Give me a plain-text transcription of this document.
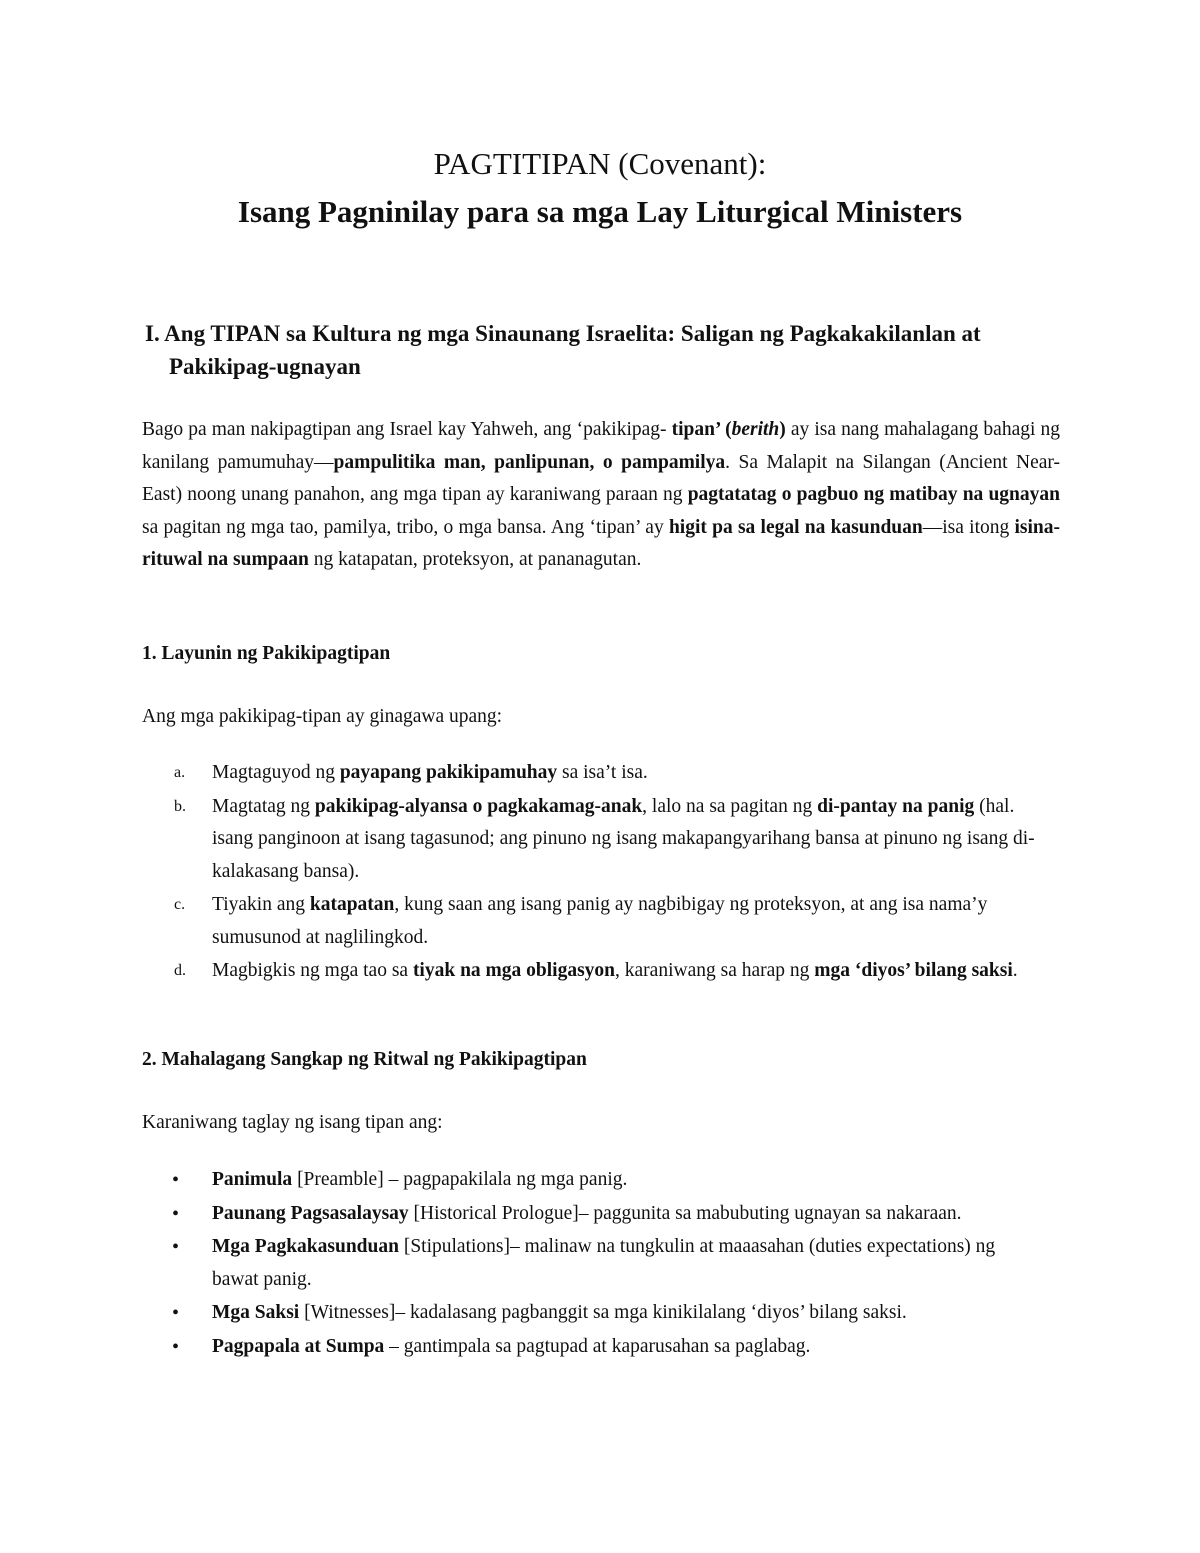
PAGTITIPAN (Covenant):
Isang Pagninilay para sa mga Lay Liturgical Ministers
I. Ang TIPAN sa Kultura ng mga Sinaunang Israelita: Saligan ng Pagkakakilanlan at Pakikipag-ugnayan
Bago pa man nakipagtipan ang Israel kay Yahweh, ang ‘pakikipag- tipan’ (berith) ay isa nang mahalagang bahagi ng kanilang pamumuhay—pampulitika man, panlipunan, o pampamilya. Sa Malapit na Silangan (Ancient Near-East) noong unang panahon, ang mga tipan ay karaniwang paraan ng pagtatatag o pagbuo ng matibay na ugnayan sa pagitan ng mga tao, pamilya, tribo, o mga bansa. Ang ‘tipan’ ay higit pa sa legal na kasunduan—isa itong isina-rituwal na sumpaan ng katapatan, proteksyon, at pananagutan.
1. Layunin ng Pakikipagtipan
Ang mga pakikipag-tipan ay ginagawa upang:
a. Magtaguyod ng payapang pakikipamuhay sa isa’t isa.
b. Magtatag ng pakikipag-alyansa o pagkakamag-anak, lalo na sa pagitan ng di-pantay na panig (hal. isang panginoon at isang tagasunod; ang pinuno ng isang makapangyarihang bansa at pinuno ng isang di-kalakasang bansa).
c. Tiyakin ang katapatan, kung saan ang isang panig ay nagbibigay ng proteksyon, at ang isa nama’y sumusunod at naglilingkod.
d. Magbigkis ng mga tao sa tiyak na mga obligasyon, karaniwang sa harap ng mga ‘diyos’ bilang saksi.
2. Mahalagang Sangkap ng Ritwal ng Pakikipagtipan
Karaniwang taglay ng isang tipan ang:
• Panimula [Preamble] – pagpapakilala ng mga panig.
• Paunang Pagsasalaysay [Historical Prologue]– paggunita sa mabubuting ugnayan sa nakaraan.
• Mga Pagkakasunduan [Stipulations]– malinaw na tungkulin at maaasahan (duties expectations) ng bawat panig.
• Mga Saksi [Witnesses]– kadalasang pagbanggit sa mga kinikilalang ‘diyos’ bilang saksi.
• Pagpapala at Sumpa – gantimpala sa pagtupad at kaparusahan sa paglabag.
